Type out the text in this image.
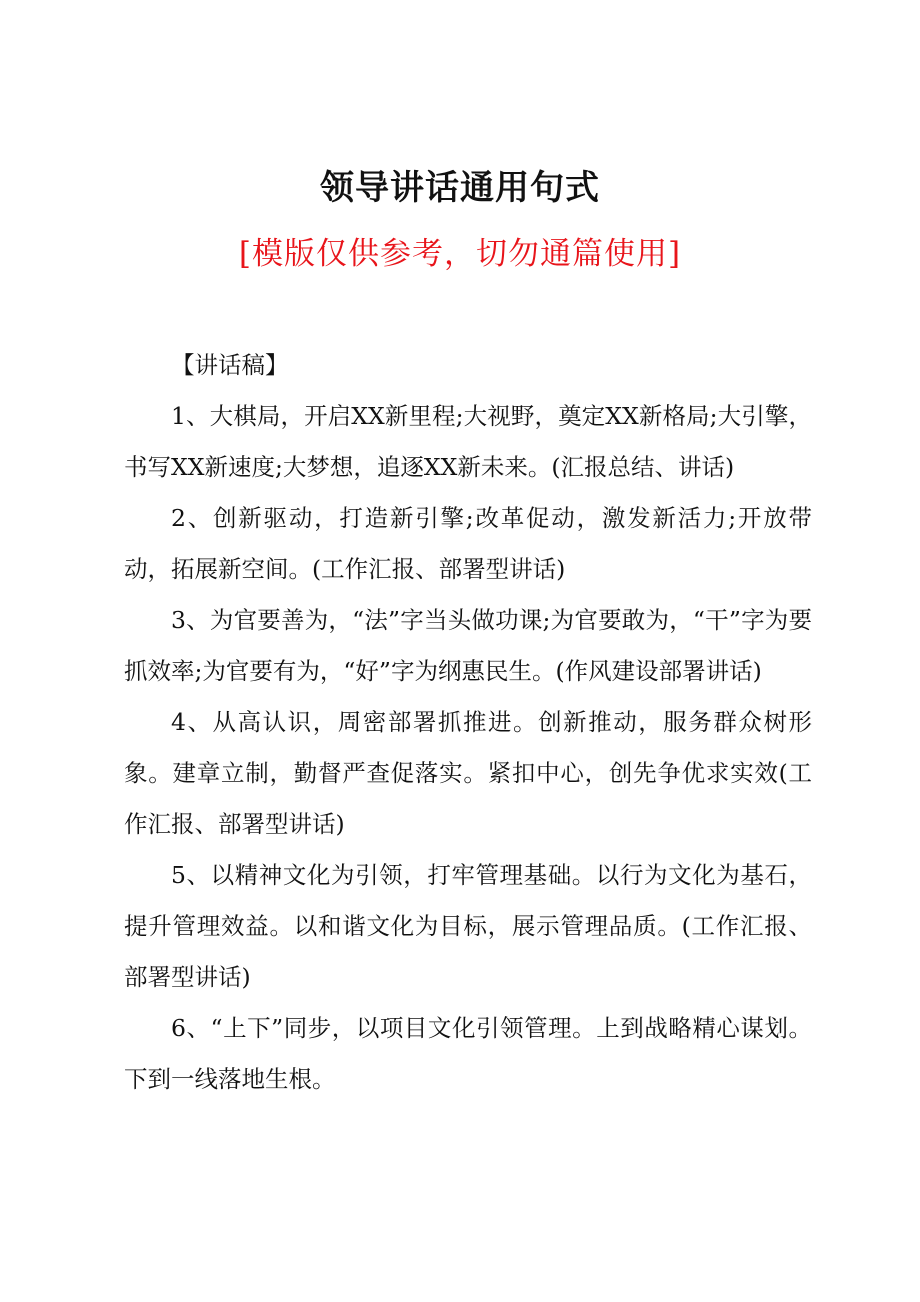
领导讲话通用句式
[模版仅供参考，切勿通篇使用]

【讲话稿】

1、大棋局，开启XX新里程;大视野，奠定XX新格局;大引擎，书写XX新速度;大梦想，追逐XX新未来。(汇报总结、讲话)

2、创新驱动，打造新引擎;改革促动，激发新活力;开放带动，拓展新空间。(工作汇报、部署型讲话)

3、为官要善为，“法”字当头做功课;为官要敢为，“干”字为要抓效率;为官要有为，“好”字为纲惠民生。(作风建设部署讲话)

4、从高认识，周密部署抓推进。创新推动，服务群众树形象。建章立制，勤督严查促落实。紧扣中心，创先争优求实效(工作汇报、部署型讲话)

5、以精神文化为引领，打牢管理基础。以行为文化为基石，提升管理效益。以和谐文化为目标，展示管理品质。(工作汇报、部署型讲话)

6、“上下”同步，以项目文化引领管理。上到战略精心谋划。下到一线落地生根。
